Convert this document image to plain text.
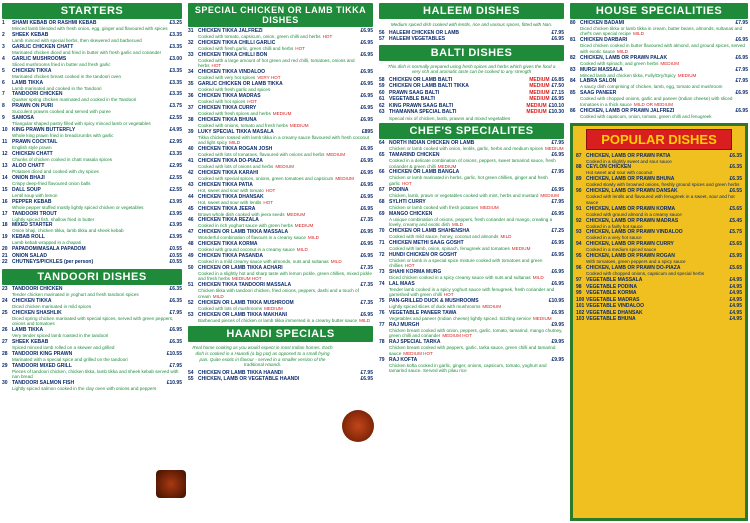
STARTERS
1	SHAMI KEBAB OR RASHMI KEBAB	£3.25
Minced lamb blended with fresh onion, egg, ginger and flavoured with spices
2	SHEEK KEBAB	£3.35
Lamb minced with special herbs, then skewered and barbecued
3	GARLIC CHICKEN CHATT	£3.35
Marinated chicken diced and fried in butter with fresh garlic and coriander
4	GARLIC MUSHROOMS	£3.00
Sliced mushrooms fried in butter and fresh garlic
5	CHICKEN TIKKA	£3.35
Marinated chicken breast cooked in the tandoori oven
6	LAMB TIKKA	£3.35
Lamb marinated and cooked in the Tandoori
7	TANDOORI CHICKEN	£3.35
Quarter spring chicken marinated and cooked in the Tandoori
8	PRAWN ON PURI	£3.75
Succulent prawns cooked and served with puree
9	SAMOSA	£2.55
Triangular shaped pastry filled with spicy minced lamb or vegetables
10 KING PRAWN BUTTERFLY	£4.95
Whole king prawn fried in breadcrumbs with garlic
11 PRAWN COCKTAIL	£2.95
English style prawn
12 CHICKEN CHATT	£3.35
Chunks of chicken cooked in chatt masala spices
13 ALOO CHATT	£2.95
Potatoes diced and cooked with dry spices
14 ONION BHAJI	£2.55
Crispy deep-fried flavoured onion balls
15 DALL SOUP	£2.55
Lentil soup with lemon
16 PEPPER KEBAB	£3.95
Whole pepper stuffed mostly lightly spiced chicken or vegetables
17 TANDOORI TROUT	£3.95
Lightly spiced fish, shallow fried in butter
18 MIXED STARTER	£3.95
Onion bhaji, chicken tikka, lamb tikka and sheek kebab
19 KEBAB ROLL	£3.95
Lamb kebab wrapped in a chapati
20 PAPADOM/MASALA PAPADOM	£0.55
21 ONION SALAD	£0.55
22 CHUTNEYS/PICKLES (per person)	£0.55
TANDOORI DISHES
23 TANDOORI CHICKEN	£6.35
Tender chicken marinated in yoghurt and fresh tandoori spices
24 CHICKEN TIKKA	£6.35
Diced chicken marinated in mild spices
25 CHICKEN SHASHLIK	£7.95
Diced spring chicken marinated with special spices, served with green peppers, onions and tomatoes
26 LAMB TIKKA	£6.95
Very tender spiced lamb roasted in the tandoori
27 SHEEK KEBAB	£6.35
Spiced minced lamb rolled on a skewer and grilled
28 TANDOORI KING PRAWN	£10.55
Marinated with a special spice and grilled on the tandoori
29 TANDOORI MIXED GRILL	£7.95
Pieces of tandoori chicken, chicken tikka, lamb tikka and sheek kebab served with nan bread
30 TANDOORI SALMON FISH	£10.95
Lightly spiced salmon cooked in the clay oven with onions and peppers
SPECIAL CHICKEN OR LAMB TIKKA DISHES
31 CHICKEN TIKKA JALFREZI	£6.95
Cooked with tomato, capsicum, onion, green chilli and herbs HOT
32 CHICKEN TIKKA CHILLI GARLIC	£6.95
Cooked with fresh garlic, green chilli and herbs HOT
33 CHICKEN TIKKA CHILLI BON	£6.95
Cooked with a large amount of hot green and red chilli, tomatoes, onions and herbs HOT
34 CHICKEN TIKKA VINDALOO	£6.95
Cooked with very hot spices VERY HOT
35 GARLIC CHICKEN OR LAMB TIKKA	£6.95
Cooked with fresh garlic and spices
36 CHICKEN TIKKA MADRAS	£6.95
Cooked with hot spices HOT
37 CHICKEN TIKKA CURRY	£6.95
Cooked with fresh spices and herbs MEDIUM
38 CHICKEN TIKKA BHUNA	£6.95
Cooked with onions, tomato and fresh herbs MEDIUM
39 LUKY SPECIAL TIKKA MASALA	£895
Tikka chicken tossed with lamb tikka in a creamy sauce flavoured with fresh coconut and light spicy MILD
40 CHICKEN TIKKA ROGAN JOSH	£6.95
Cooked with lots of tomatoes, flavoured with onions and herbs MEDIUM
41 CHICKEN TIKKA DO-PIAZA	£6.95
Cooked with lots of onions and herbs MEDIUM
42 CHICKEN TIKKA KARAHI	£6.95
Cooked with special spices, onions, green tomatoes and capsicum MEDIUM
43 CHICKEN TIKKA PATIA	£6.95
Hot, sweet and sour with tomato HOT
44 CHICKEN TIKKA DHANSAK	£6.95
Hot, sweet and sour with lentils HOT
45 CHICKEN TIKKA JEERA	£6.95
Brown whole dish cooked with jeera seeds MEDIUM
46 CHICKEN TIKKA REZALA	£7.35
Cooked in rich yoghurt sauce with green herbs MEDIUM
47 CHICKEN OR LAMB TIKKA MASSALA	£6.95
Wonderful combination of flavours in a creamy sauce MILD
48 CHICKEN TIKKA KORMA	£6.95
Cooked with ground coconut in a creamy sauce MILD
49 CHICKEN TIKKA PASANDA	£6.95
Cooked in a mild creamy sauce with almonds, nuts and sultanas MILD
50 CHICKEN OR LAMB TIKKA ACHARI	£7.35
Cooked in a slightly hot and sharp taste with lemon pickle, green chillies, mixed pickle and fresh herbs MEDIUM HOT
51 CHICKEN TIKKA TANDOORI MASSALA	£7.35
Chicken tikka with tandoori chicken, fried onions, peppers, dashi and a touch of cream MILD
52 CHICKEN OR LAMB TIKKA MUSHROOM	£7.35
Cooked with lots of mushrooms MEDIUM
53 CHICKEN OR LAMB TIKKA MAKHANI	£6.95
Barbecued pieces of chicken or lamb tikka immersed in a creamy butter sauce MILD
HAANDI SPECIALS
Real home cooking as you would expect in most Indian homes. Each dish is cooked in a Haandi (a big pot) as opposed to a small frying pan. Quite exotic in flavour - served in a smaller version of the traditional Haandi.
54 CHICKEN OR LAMB TIKKA HAANDI	£7.95
55 CHICKEN, LAMB OR VEGETABLE HAANDI	£6.95
HALEEM DISHES
Medium spiced dish cooked with lentils, rice and various spices, fitted with Nan.
56 HALEEM CHICKEN OR LAMB	£7.95
57 HALEEM VEGETABLES	£6.95
BALTI DISHES
This dish is normally prepared using fresh spices and herbs which gives the food a very rich and aromatic taste can be cooked to any strength
58 CHICKEN OR LAMB BALTI	MEDIUM £6.85
59 CHICKEN OR LAMB BALTI TIKKA	MEDIUM £7.50
60 PRAWN SAAG BALTI	MEDIUM £7.15
61 VEGETABLE BALTI	MEDIUM £6.95
62 KING PRAWN SAAG BALTI	MEDIUM £10.10
63 THAMANNA SPECIAL BALTI	MEDIUM £10.30
Special mix of chicken, lamb, prawns and mixed vegetables
CHEF'S SPECIALITES
64 NORTH INDIAN CHICKEN OR LAMB	£7.95
Chicken or lamb cooked with onion, lentils, garlic, herbs and medium spices MEDIUM
65 TAMARIND CHICKEN	£6.95
Cooked in a delicate combination of onions, peppers, sweet tamarind sauce, fresh coriander & green chilli MEDIUM
66 CHICKEN OR LAMB BANGLA	£7.95
Chicken or lamb marinated in herbs, garlic, hot green chillies, ginger and fresh garlic HOT
67 PODINA	£6.95
Chicken, lamb, prawn or vegetables cooked with mint, herbs and mustard MEDIUM
68 SYLHTI CURRY	£7.95
Chicken or lamb cooked with fresh potatoes MEDIUM
69 MANGO CHICKEN	£6.95
A unique combination of onions, peppers, fresh coriander and mango, creating a lovely, creamy and exotic dish MILD
70 CHICKEN OR LAMB SHAHENSHA	£7.25
Cooked with mild sauce, honey, coconut and almonds MILD
71 CHICKEN METHI SAAG GOSHT	£6.95
Cooked with lamb, onion, spinach, fenugreek and tomatoes MEDIUM
72 HUNDI CHICKEN OR GOSHT	£6.95
Chicken or lamb in a special spice mixture cooked with tomatoes and green chillies HOT
73 SHAHI KORMA MURG	£6.95
Diced chicken cooked in a spicy creamy sauce with nuts and sultanas MILD
74 LAL MAAS	£6.95
Tender lamb cooked in a spicy yoghurt sauce with fenugreek, fresh coriander and garnished with green chilli HOT
75 PAN-GRILLED DUCK & MUSHROOMS	£10.95
Lightly spiced slices of duck with mushrooms MEDIUM
76 VEGETABLE PANEER TAWA	£6.95
Vegetables and paneer (Indian cheese) lightly spiced. Sizzling service MEDIUM
77 RAJ MURGH	£9.95
Chicken breast cooked with onion, peppers, garlic, tomato, tamarind, mango chutney, green chilli and coriander MEDIUM HOT
78 RAJ SPECIAL TARKA	£9.95
Chicken breast cooked with peppers, garlic, tarka sauce, green chilli and tamarind sauce MEDIUM HOT
79 RAJ KOFTA	£9.95
Chicken kofta cooked in garlic, ginger, onions, capsicum, tomato, yoghurt and tamarind sauce. Served with pilau rice
HOUSE SPECIALITIES
80 CHICKEN BADAMI	£7.95
Diced chicken tikka or lamb tikka in cream, butter beans, almonds, sultanas and chef's own special recipe MILD
81 CHICKEN DARBARI	£6.95
Diced chicken cooked in butter flavoured with almond, and ground spices, served with exotic sauce MILD
82 CHICKEN, LAMB OR PRAWN PALAK	£6.95
Cooked with spinach, and green herbs MEDIUM
83 MURGI MASSALA	£7.95
Minced lamb and chicken tikka, Fully/Dry/Spicy MEDIUM
84 LABRA SALON	£7.95
A saucy dish comprising of chicken, lamb, egg, tomato and mushroom
85 SAAG PANEER	£6.95
Cooked with chopped onions, garlic and paneer (Indian cheese) with sliced tomatoes in a thick sauce MILD OR MEDIUM
86 CHICKEN, LAMB OR PRAWN JALFREZI	£6.95
Cooked with capsicum, onion, tomato, green chilli and fenugreek
POPULAR DISHES
87 CHICKEN, LAMB OR PRAWN PATIA	£6.35
Cooked in a slightly sweet and sour sauce
88 CEYLON CHICKEN	£6.35
Hot sweet and sour with coconut
89 CHICKEN, LAMB OR PRAWN BHUNA	£6.35
Cooked slowly with browned onions, freshly ground spices and green herbs
90 CHICKEN, LAMB OR PRAWN DANSAK	£6.55
Cooked with lentils and flavoured with fenugreek in a sweet, sour and hot sauce
91 CHICKEN, LAMB OR PRAWN KORMA	£5.65
Cooked with ground almond in a creamy sauce
92 CHICKEN, LAMB OR PRAWN MADRAS	£5.45
Cooked in a fairly hot sauce
93 CHICKEN, LAMB OR PRAWN VINDALOO	£5.75
Cooked in a very hot sauce
94 CHICKEN, LAMB OR PRAWN CURRY	£5.65
Cooked in a medium spiced sauce
95 CHICKEN, LAMB OR PRAWN ROGAN	£5.95
With tomatoes, green peppers and a spicy sauce
96 CHICKEN, LAMB OR PRAWN DO-PIAZA	£5.65
Cooked with chopped onions, capsicum and special herbs
97 VEGETABLE MASSALA	£4.95
98 VEGETABLE PODINA	£4.95
99 VEGETABLE KORMA	£4.95
100 VEGETABLE MADRAS	£4.95
101 VEGETABLE VINDALOO	£4.95
102 VEGETABLE DHANSAK	£4.95
103 VEGETABLE BHUNA	£4.95
